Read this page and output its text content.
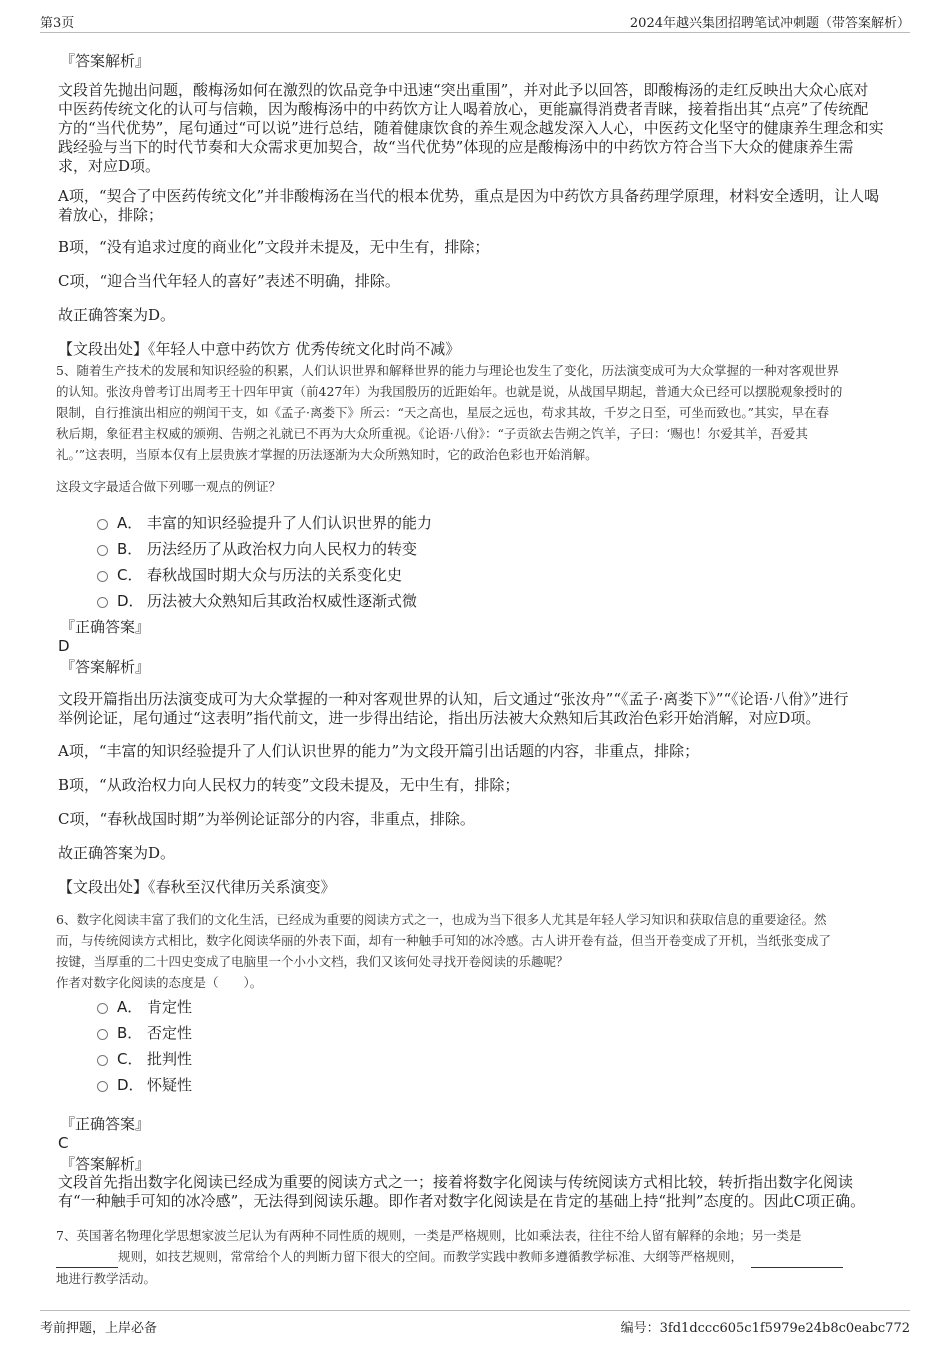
第3页	2024年越兴集团招聘笔试冲刺题（带答案解析）
『答案解析』
文段首先抛出问题，酸梅汤如何在激烈的饮品竞争中迅速“突出重围”，并对此予以回答，即酸梅汤的走红反映出大众心底对
中医药传统文化的认可与信赖，因为酸梅汤中的中药饮方让人喝着放心，更能赢得消费者青睐，接着指出其“点亮”了传统配
方的“当代优势”，尾句通过“可以说”进行总结，随着健康饮食的养生观念越发深入人心，中医药文化坚守的健康养生理念和实
践经验与当下的时代节奏和大众需求更加契合，故“当代优势”体现的应是酸梅汤中的中药饮方符合当下大众的健康养生需
求，对应D项。
A项，“契合了中医药传统文化”并非酸梅汤在当代的根本优势，重点是因为中药饮方具备药理学原理，材料安全透明，让人喝
着放心，排除；
B项，“没有追求过度的商业化”文段并未提及，无中生有，排除；
C项，“迎合当代年轻人的喜好”表述不明确，排除。
故正确答案为D。
【文段出处】《年轻人中意中药饮方 优秀传统文化时尚不减》
5、随着生产技术的发展和知识经验的积累，人们认识世界和解释世界的能力与理论也发生了变化，历法演变成可为大众掌握的一种对客观世界
的认知。张汝舟曾考订出周考王十四年甲寅（前427年）为我国殷历的近距始年。也就是说，从战国早期起，普通大众已经可以摆脱观象授时的
限制，自行推演出相应的朔闰干支，如《孟子·离娄下》所云：“天之高也，星辰之远也，苟求其故，千岁之日至，可坐而致也。”其实，早在春
秋后期，象征君主权威的颁朔、告朔之礼就已不再为大众所重视。《论语·八佾》：“子贡欲去告朔之饩羊，子曰：‘赐也！尔爱其羊，吾爱其
礼。’”这表明，当原本仅有上层贵族才掌握的历法逐渐为大众所熟知时，它的政治色彩也开始消解。
这段文字最适合做下列哪一观点的例证？
A． 丰富的知识经验提升了人们认识世界的能力
B． 历法经历了从政治权力向人民权力的转变
C． 春秋战国时期大众与历法的关系变化史
D． 历法被大众熟知后其政治权威性逐渐式微
『正确答案』
D
『答案解析』
文段开篇指出历法演变成可为大众掌握的一种对客观世界的认知，后文通过“张汝舟”“《孟子·离娄下》”“《论语·八佾》”进行
举例论证，尾句通过“这表明”指代前文，进一步得出结论，指出历法被大众熟知后其政治色彩开始消解，对应D项。
A项，“丰富的知识经验提升了人们认识世界的能力”为文段开篇引出话题的内容，非重点，排除；
B项，“从政治权力向人民权力的转变”文段未提及，无中生有，排除；
C项，“春秋战国时期”为举例论证部分的内容，非重点，排除。
故正确答案为D。
【文段出处】《春秋至汉代律历关系演变》
6、数字化阅读丰富了我们的文化生活，已经成为重要的阅读方式之一，也成为当下很多人尤其是年轻人学习知识和获取信息的重要途径。然
而，与传统阅读方式相比，数字化阅读华丽的外表下面，却有一种触手可知的冰冷感。古人讲开卷有益，但当开卷变成了开机，当纸张变成了
按键，当厚重的二十四史变成了电脑里一个小小文档，我们又该何处寻找开卷阅读的乐趣呢？
作者对数字化阅读的态度是（　　）。
A． 肯定性
B． 否定性
C． 批判性
D． 怀疑性
『正确答案』
C
『答案解析』
文段首先指出数字化阅读已经成为重要的阅读方式之一；接着将数字化阅读与传统阅读方式相比较，转折指出数字化阅读
有“一种触手可知的冰冷感”，无法得到阅读乐趣。即作者对数字化阅读是在肯定的基础上持“批判”态度的。因此C项正确。
7、英国著名物理化学思想家波兰尼认为有两种不同性质的规则，一类是严格规则，比如乘法表，往往不给人留有解释的余地；另一类是
规则，如技艺规则，常常给个人的判断力留下很大的空间。而教学实践中教师多遵循教学标准、大纲等严格规则，
地进行教学活动。
考前押题，上岸必备	编号：3fd1dccc605c1f5979e24b8c0eabc772
